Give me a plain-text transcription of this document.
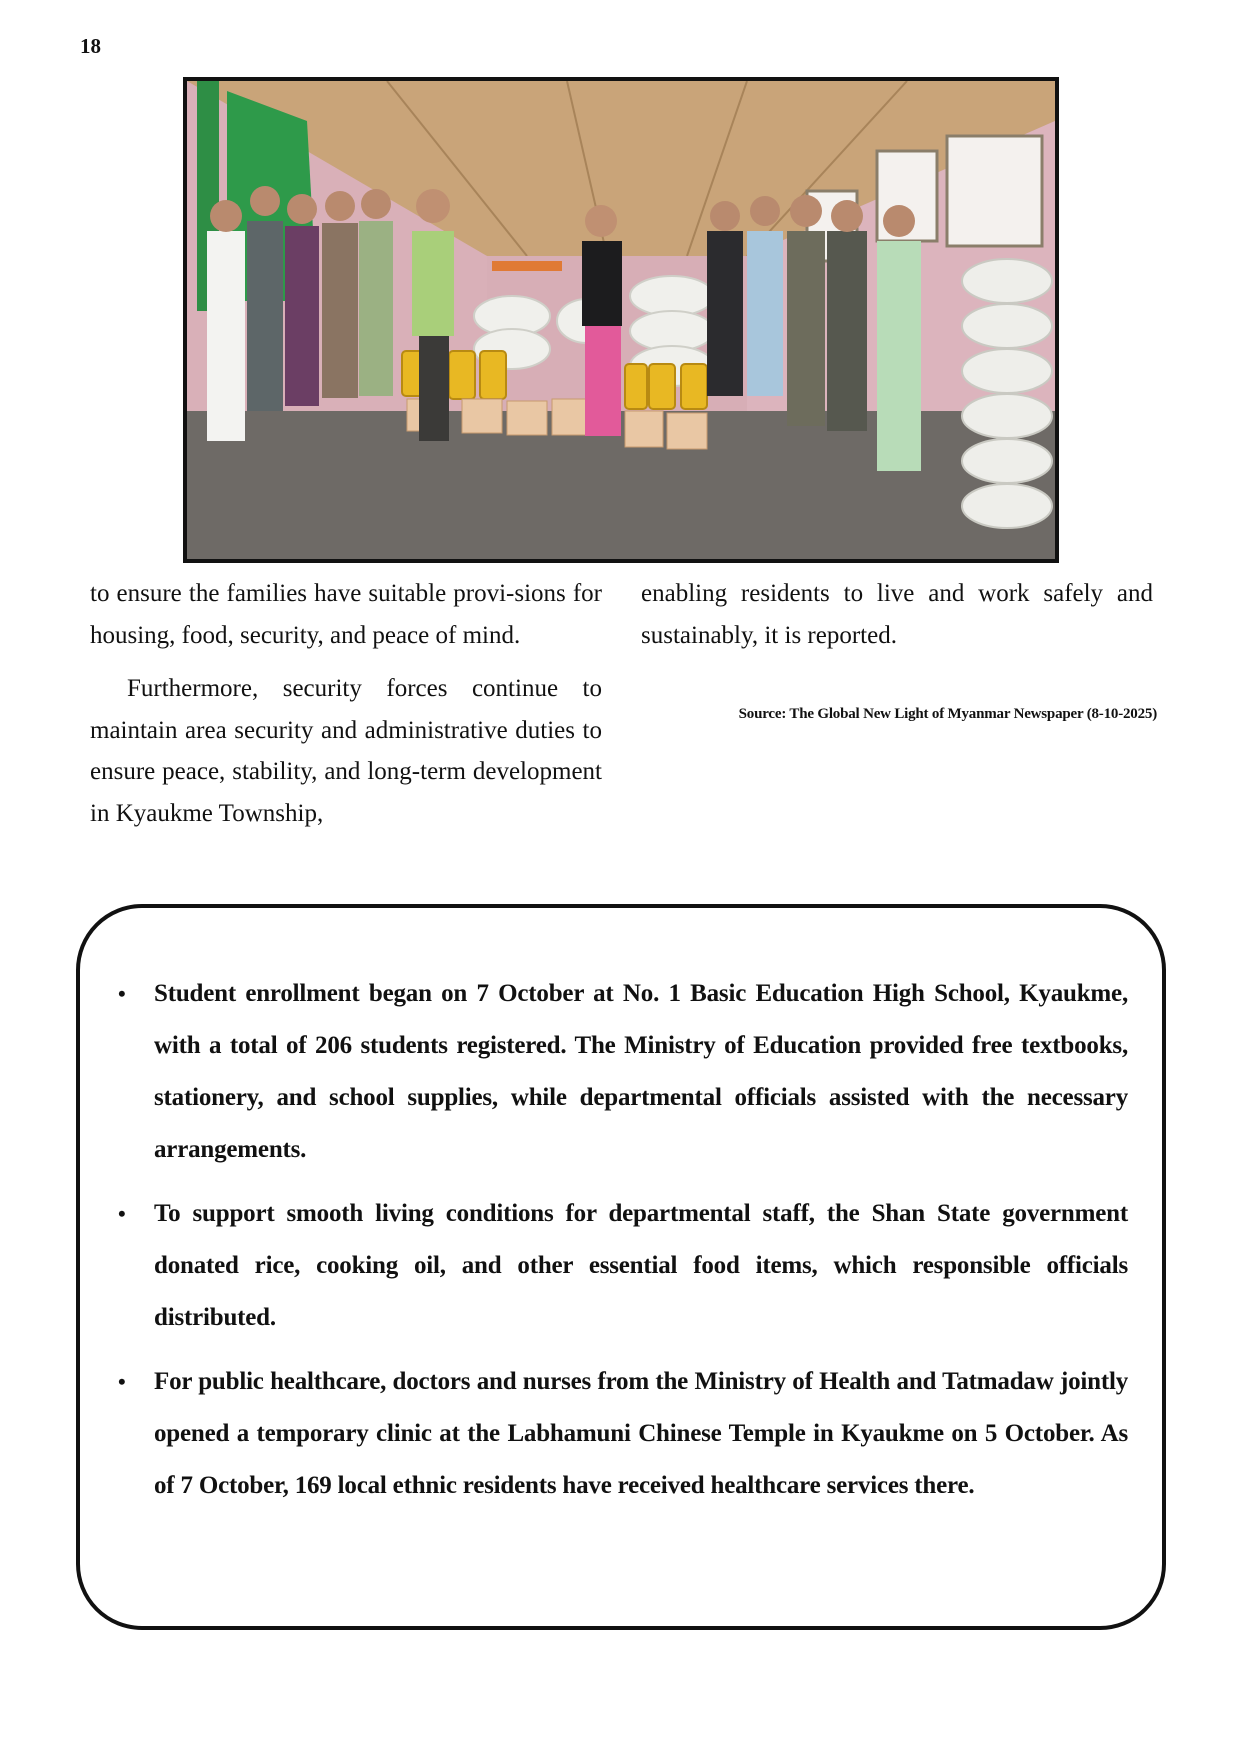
18

to ensure the families have suitable provi-sions for housing, food, security, and peace of mind.

Furthermore, security forces continue to maintain area security and administrative duties to ensure peace, stability, and long-term development in Kyaukme Township,

enabling residents to live and work safely and sustainably, it is reported.

Source: The Global New Light of Myanmar Newspaper (8-10-2025)
• Student enrollment began on 7 October at No. 1 Basic Education High School, Kyaukme, with a total of 206 students registered. The Ministry of Education provided free textbooks, stationery, and school supplies, while departmental officials assisted with the necessary arrangements.
• To support smooth living conditions for departmental staff, the Shan State government donated rice, cooking oil, and other essential food items, which responsible officials distributed.
• For public healthcare, doctors and nurses from the Ministry of Health and Tatmadaw jointly opened a temporary clinic at the Labhamuni Chinese Temple in Kyaukme on 5 October. As of 7 October, 169 local ethnic residents have received healthcare services there.
